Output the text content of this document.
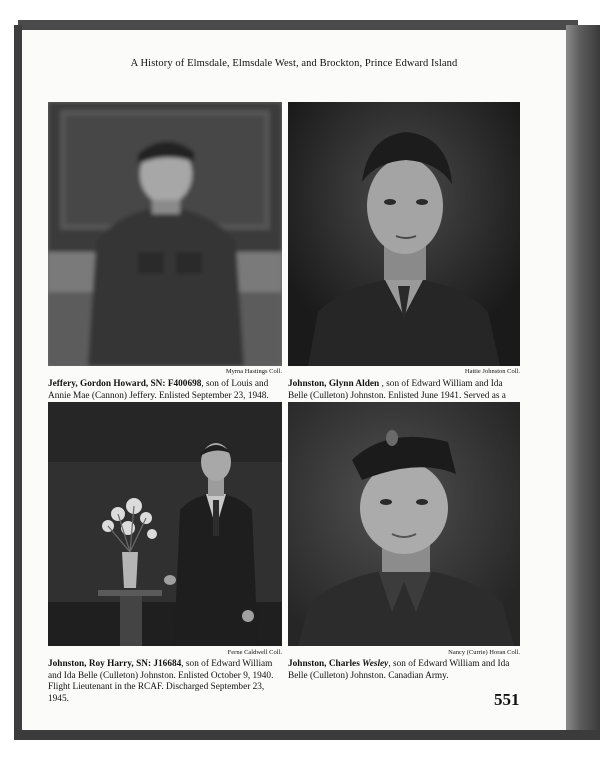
A History of Elmsdale, Elmsdale West, and Brockton, Prince Edward Island
Myrna Hastings Coll.	Hattie Johnston Coll.
Jeffery, Gordon Howard, SN: F400698, son of Louis and Annie Mae (Cannon) Jeffery. Enlisted September 23, 1948.
Johnston, Glynn Alden , son of Edward William and Ida Belle (Culleton) Johnston. Enlisted June 1941. Served as a
Ferne Caldwell Coll.	Nancy (Currie) Horan Coll.
Johnston, Roy Harry, SN: J16684, son of Edward William and Ida Belle (Culleton) Johnston. Enlisted October 9, 1940. Flight Lieutenant in the RCAF. Discharged September 23, 1945.
Johnston, Charles Wesley, son of Edward William and Ida Belle (Culleton) Johnston. Canadian Army.
551
